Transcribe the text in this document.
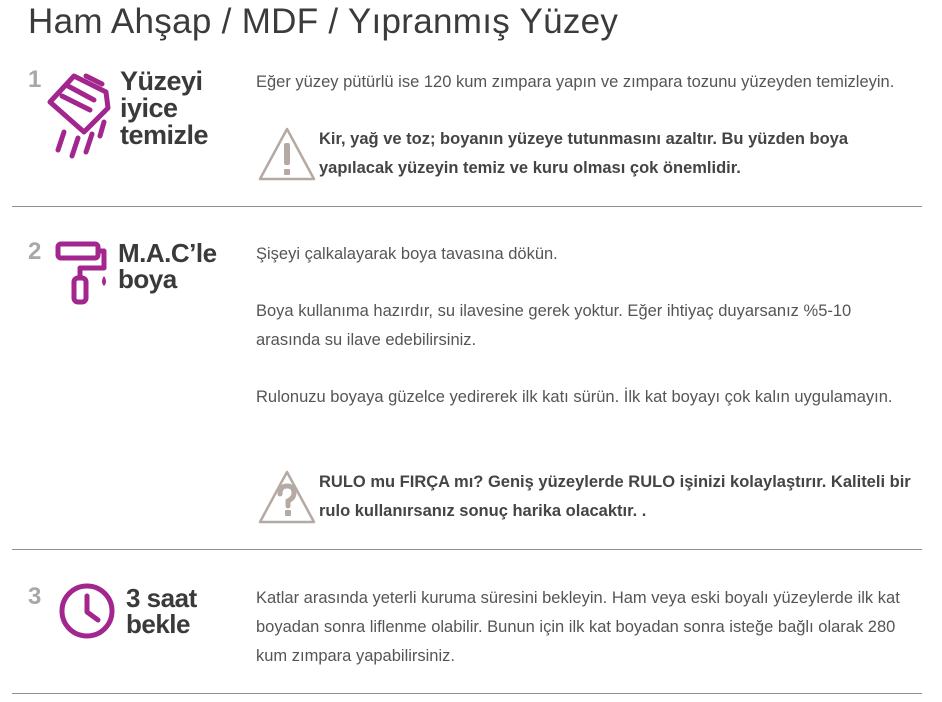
Ham Ahşap / MDF / Yıpranmış Yüzey
1	Yüzeyi
iyice
temizle

Eğer yüzey pütürlü ise 120 kum zımpara yapın ve zımpara tozunu yüzeyden temizleyin.

Kir, yağ ve toz; boyanın yüzeye tutunmasını azaltır. Bu yüzden boya yapılacak yüzeyin temiz ve kuru olması çok önemlidir.

2	M.A.C’le
boya

Şişeyi çalkalayarak boya tavasına dökün.

Boya kullanıma hazırdır, su ilavesine gerek yoktur. Eğer ihtiyaç duyarsanız %5-10 arasında su ilave edebilirsiniz.

Rulonuzu boyaya güzelce yedirerek ilk katı sürün. İlk kat boyayı çok kalın uygulamayın.

RULO mu FIRÇA mı? Geniş yüzeylerde RULO işinizi kolaylaştırır. Kaliteli bir rulo kullanırsanız sonuç harika olacaktır. .

3	3 saat
bekle

Katlar arasında yeterli kuruma süresini bekleyin. Ham veya eski boyalı yüzeylerde ilk kat boyadan sonra liflenme olabilir. Bunun için ilk kat boyadan sonra isteğe bağlı olarak 280 kum zımpara yapabilirsiniz.
